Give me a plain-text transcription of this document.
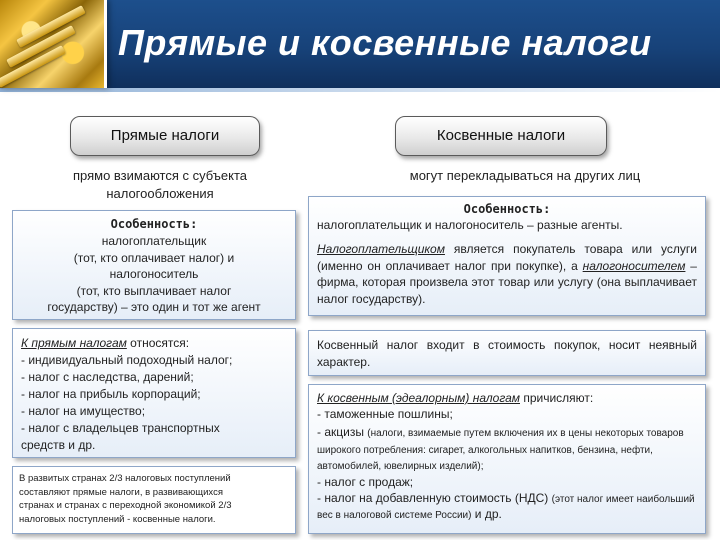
Прямые и косвенные налоги
Прямые налоги
прямо взимаются с субъекта
налогообложения
Особенность:
налогоплательщик
(тот, кто оплачивает налог) и
налогоноситель
(тот, кто выплачивает налог
государству) – это один и тот же агент
К прямым налогам относятся:
- индивидуальный подоходный налог;
- налог с наследства, дарений;
- налог на прибыль корпораций;
- налог на имущество;
- налог с владельцев транспортных
средств и др.
В развитых странах 2/3 налоговых поступлений
составляют прямые налоги, в развивающихся
странах и странах с переходной экономикой 2/3
налоговых поступлений - косвенные налоги.
Косвенные налоги
могут перекладываться на других лиц
Особенность:
налогоплательщик и налогоноситель – разные агенты.
Налогоплательщиком является покупатель товара или услуги (именно он оплачивает налог при покупке), а налогоносителем – фирма, которая произвела этот товар или услугу (она выплачивает налог государству).
Косвенный налог входит в стоимость покупок, носит неявный характер.
К косвенным (эдеалорным) налогам причисляют:
- таможенные пошлины;
- акцизы (налоги, взимаемые путем включения их в цены некоторых товаров широкого потребления: сигарет, алкогольных напитков, бензина, нефти, автомобилей, ювелирных изделий);
- налог с продаж;
- налог на добавленную стоимость (НДС) (этот налог имеет наибольший вес в налоговой системе России) и др.
